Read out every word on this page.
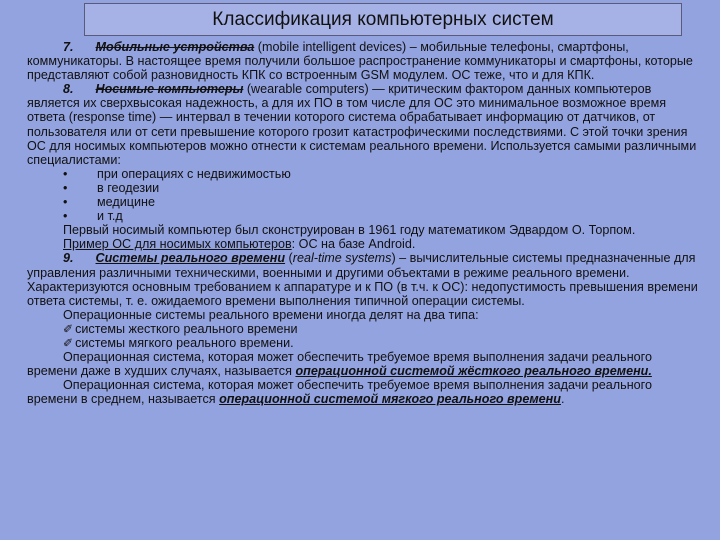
Классификация компьютерных систем

7. Мобильные устройства (mobile intelligent devices) – мобильные телефоны, смартфоны, коммуникаторы. В настоящее время получили большое распространение коммуникаторы и смартфоны, которые представляют собой разновидность КПК со встроенным GSM модулем. ОС теже, что и для КПК.

8. Носимые компьютеры (wearable computers) — критическим фактором данных компьютеров является их сверхвысокая надежность, а для их ПО в том числе для ОС это минимальное возможное время ответа (response time) — интервал в течении которого система обрабатывает информацию от датчиков, от пользователя или от сети превышение которого грозит катастрофическими последствиями. С этой точки зрения ОС для носимых компьютеров можно отнести к системам реального времени. Используется самыми различными специалистами:

• при операциях с недвижимостью

• в геодезии

• медицине

• и т.д

Первый носимый компьютер был сконструирован в 1961 году математиком Эдвардом О. Торпом.

Пример ОС для носимых компьютеров: ОС на базе Android.

9. Системы реального времени (real-time systems) – вычислительные системы предназначенные для управления различными техническими, военными и другими объектами в режиме реального времени. Характеризуются основным требованием к аппаратуре и к ПО (в т.ч. к ОС): недопустимость превышения времени ответа системы, т. е. ожидаемого времени выполнения типичной операции системы.

Операционные системы реального времени иногда делят на два типа:

✐ системы жесткого реального времени

✐ системы мягкого реального времени.

Операционная система, которая может обеспечить требуемое время выполнения задачи реального времени даже в худших случаях, называется операционной системой жёсткого реального времени.

Операционная система, которая может обеспечить требуемое время выполнения задачи реального времени в среднем, называется операционной системой мягкого реального времени.
